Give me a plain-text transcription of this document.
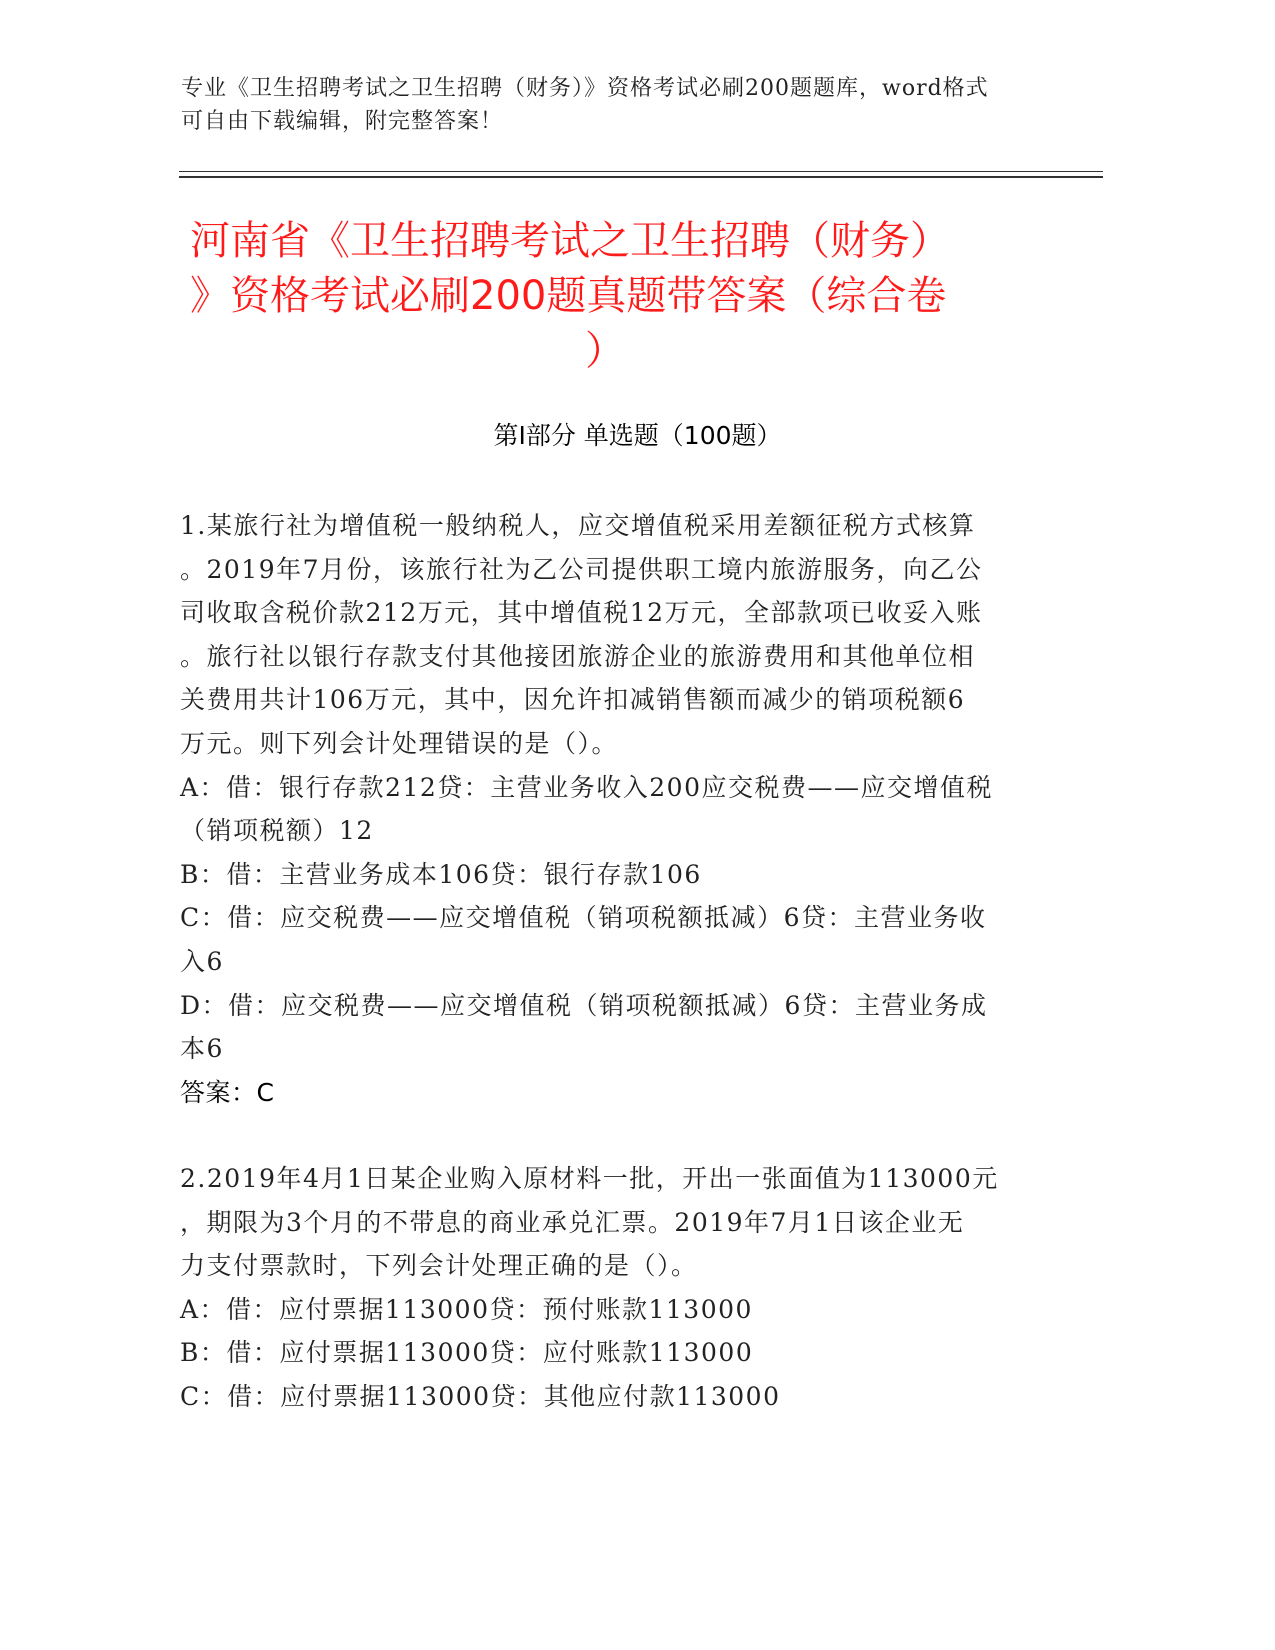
专业《卫生招聘考试之卫生招聘（财务）》资格考试必刷200题题库，word格式
可自由下载编辑，附完整答案！
河南省《卫生招聘考试之卫生招聘（财务）
》资格考试必刷200题真题带答案（综合卷
）
第I部分 单选题（100题）
1.某旅行社为增值税一般纳税人，应交增值税采用差额征税方式核算
。2019年7月份，该旅行社为乙公司提供职工境内旅游服务，向乙公
司收取含税价款212万元，其中增值税12万元，全部款项已收妥入账
。旅行社以银行存款支付其他接团旅游企业的旅游费用和其他单位相
关费用共计106万元，其中，因允许扣减销售额而减少的销项税额6
万元。则下列会计处理错误的是（）。
A：借：银行存款212贷：主营业务收入200应交税费——应交增值税
（销项税额）12
B：借：主营业务成本106贷：银行存款106
C：借：应交税费——应交增值税（销项税额抵减）6贷：主营业务收
入6
D：借：应交税费——应交增值税（销项税额抵减）6贷：主营业务成
本6
答案：C
2.2019年4月1日某企业购入原材料一批，开出一张面值为113000元
，期限为3个月的不带息的商业承兑汇票。2019年7月1日该企业无
力支付票款时，下列会计处理正确的是（）。
A：借：应付票据113000贷：预付账款113000
B：借：应付票据113000贷：应付账款113000
C：借：应付票据113000贷：其他应付款113000
